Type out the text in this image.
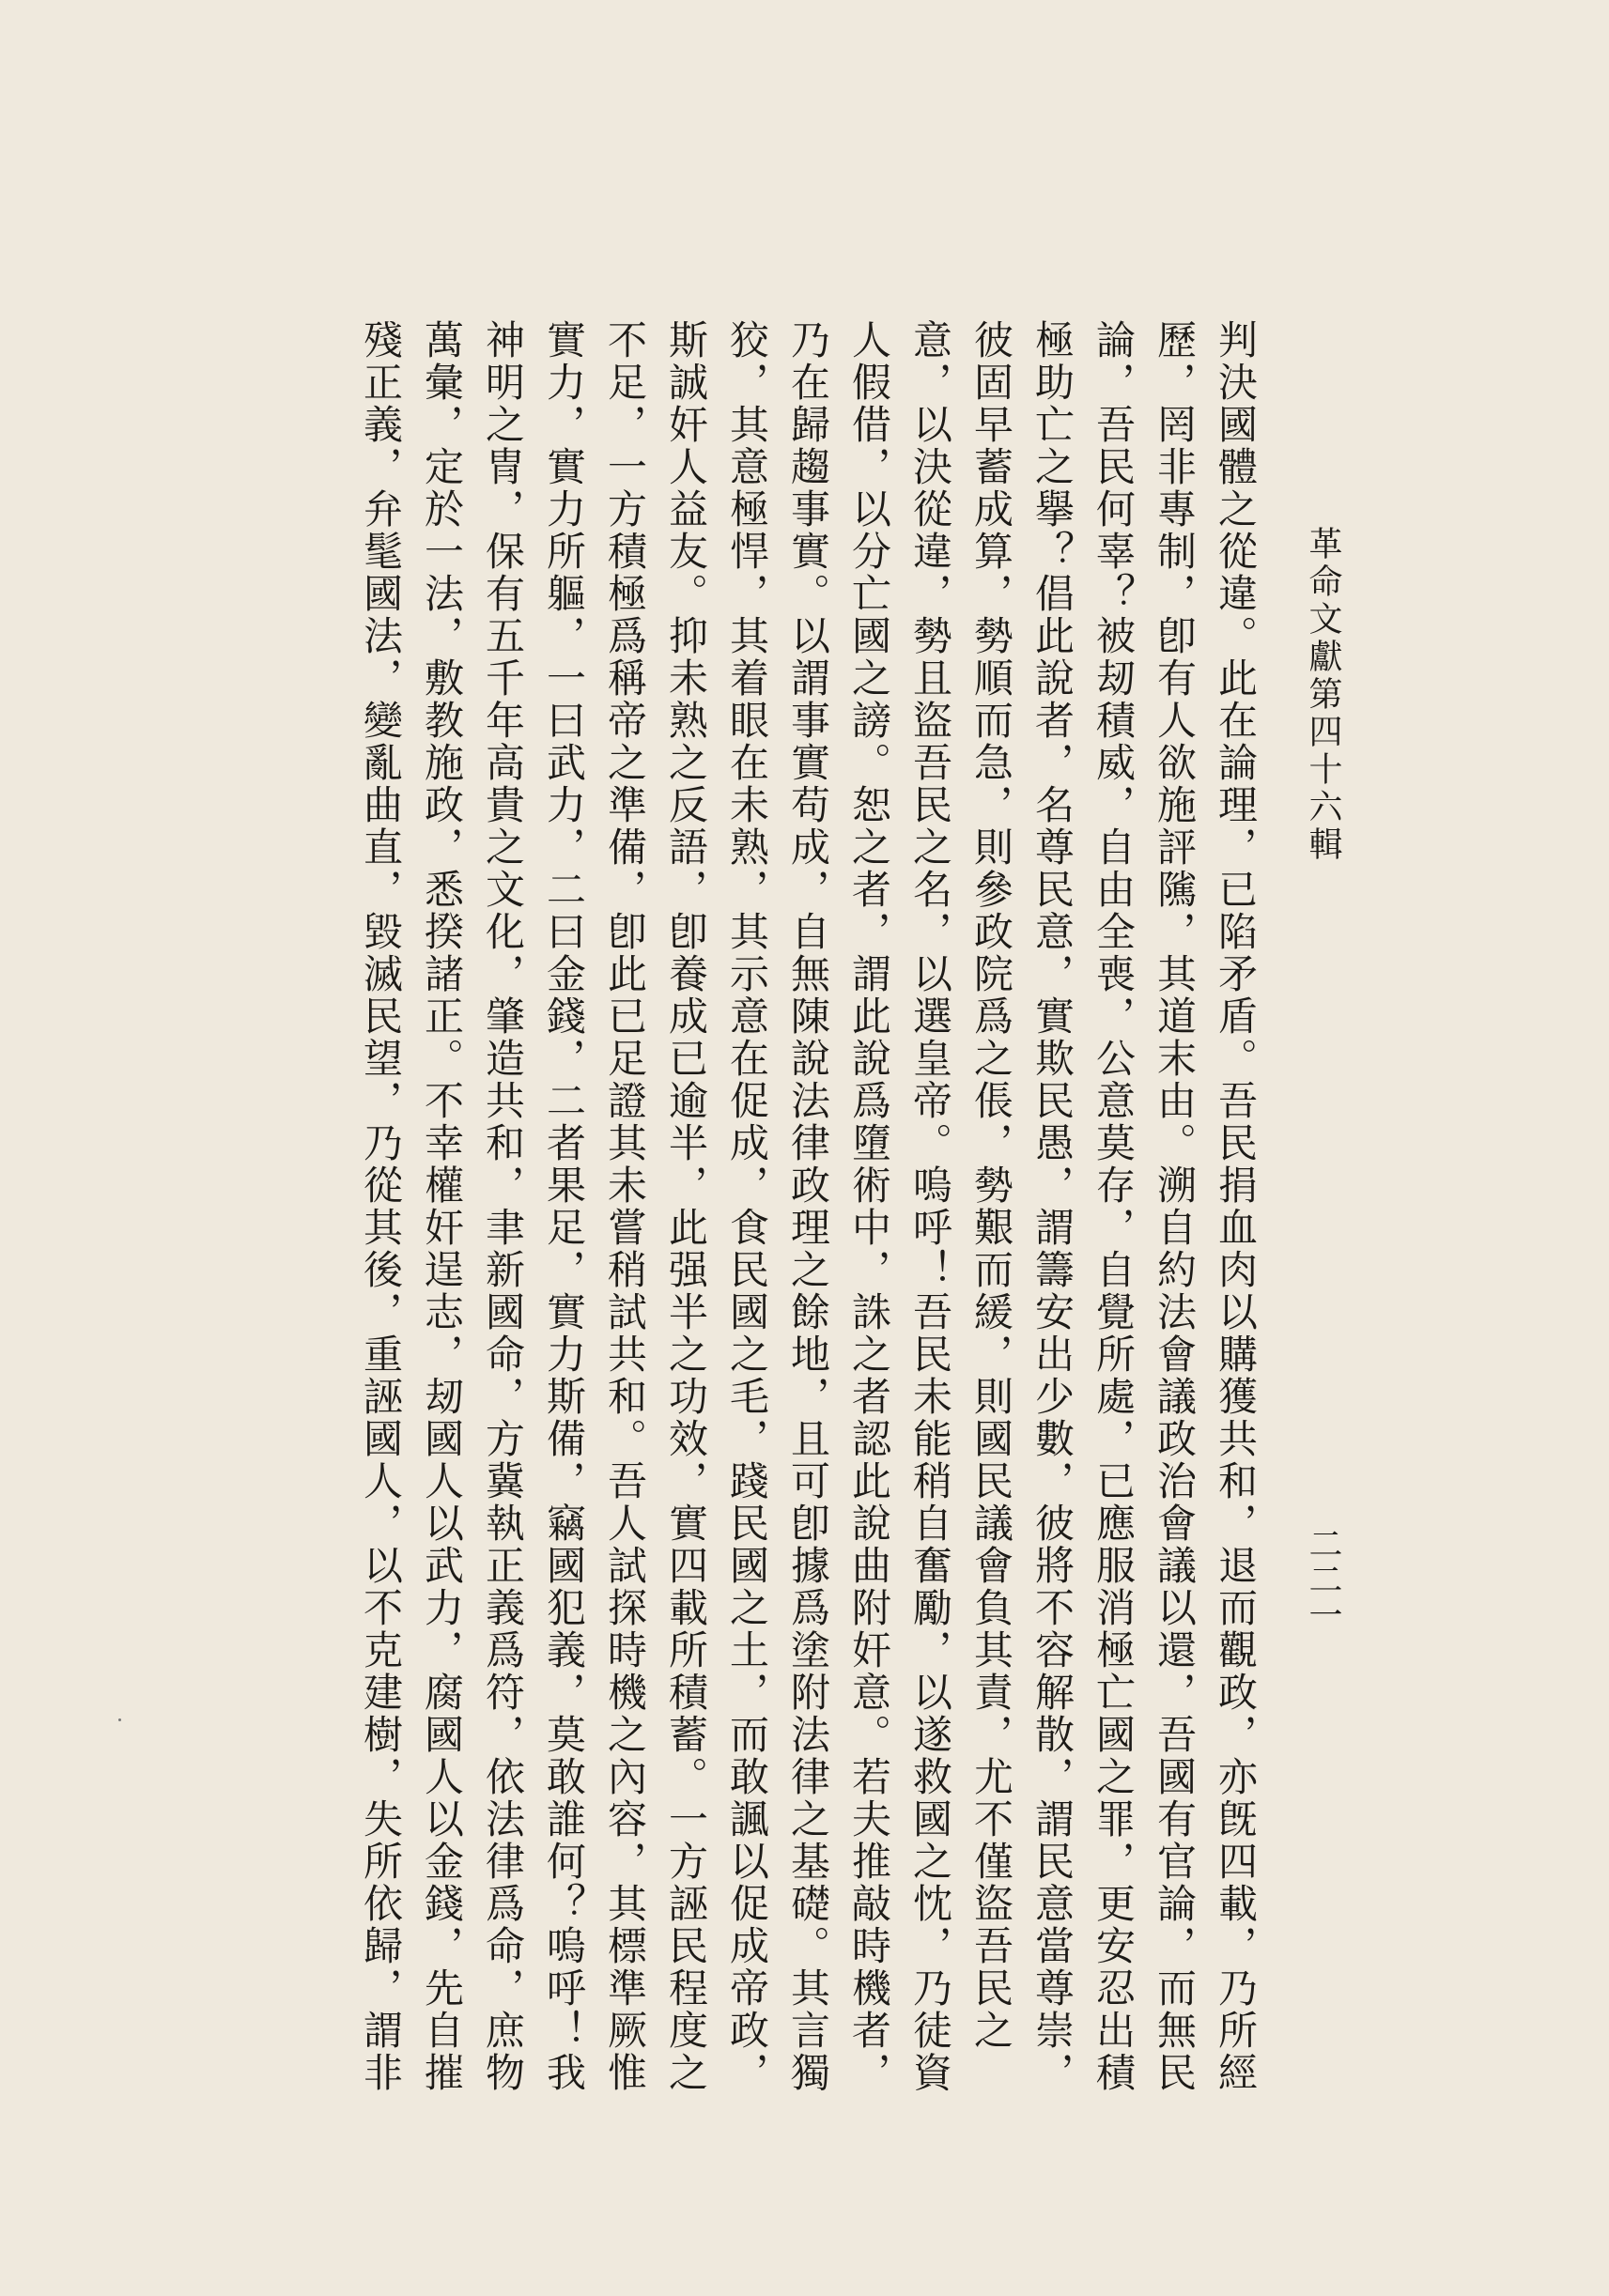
革命文獻第四十六輯
二二一
判決國體之從違。此在論理，已陷矛盾。吾民捐血肉以購獲共和，退而觀政，亦旣四載，乃所經
歷，罔非專制，卽有人欲施評隲，其道末由。溯自約法會議政治會議以還，吾國有官論，而無民
論，吾民何辜？被刼積威，自由全喪，公意莫存，自覺所處，已應服消極亡國之罪，更安忍出積
極助亡之擧？倡此說者，名尊民意，實欺民愚，謂籌安出少數，彼將不容解散，謂民意當尊崇，
彼固早蓄成算，勢順而急，則參政院爲之倀，勢艱而緩，則國民議會負其責，尤不僅盜吾民之
意，以決從違，勢且盜吾民之名，以選皇帝。嗚呼！吾民未能稍自奮勵，以遂救國之忱，乃徒資
人假借，以分亡國之謗。恕之者，謂此說爲墮術中，誅之者認此說曲附奸意。若夫推敲時機者，
乃在歸趨事實。以謂事實苟成，自無陳說法律政理之餘地，且可卽據爲塗附法律之基礎。其言獨
狡，其意極悍，其着眼在未熟，其示意在促成，食民國之毛，踐民國之土，而敢諷以促成帝政，
斯誠奸人益友。抑未熟之反語，卽養成已逾半，此强半之功效，實四載所積蓄。一方誣民程度之
不足，一方積極爲稱帝之準備，卽此已足證其未嘗稍試共和。吾人試探時機之內容，其標準厥惟
實力，實力所軀，一曰武力，二曰金錢，二者果足，實力斯備，竊國犯義，莫敢誰何？嗚呼！我
神明之冑，保有五千年高貴之文化，肇造共和，聿新國命，方冀執正義爲符，依法律爲命，庶物
萬彙，定於一法，敷教施政，悉揆諸正。不幸權奸逞志，刼國人以武力，腐國人以金錢，先自摧
殘正義，弁髦國法，變亂曲直，毀滅民望，乃從其後，重誣國人，以不克建樹，失所依歸，謂非
